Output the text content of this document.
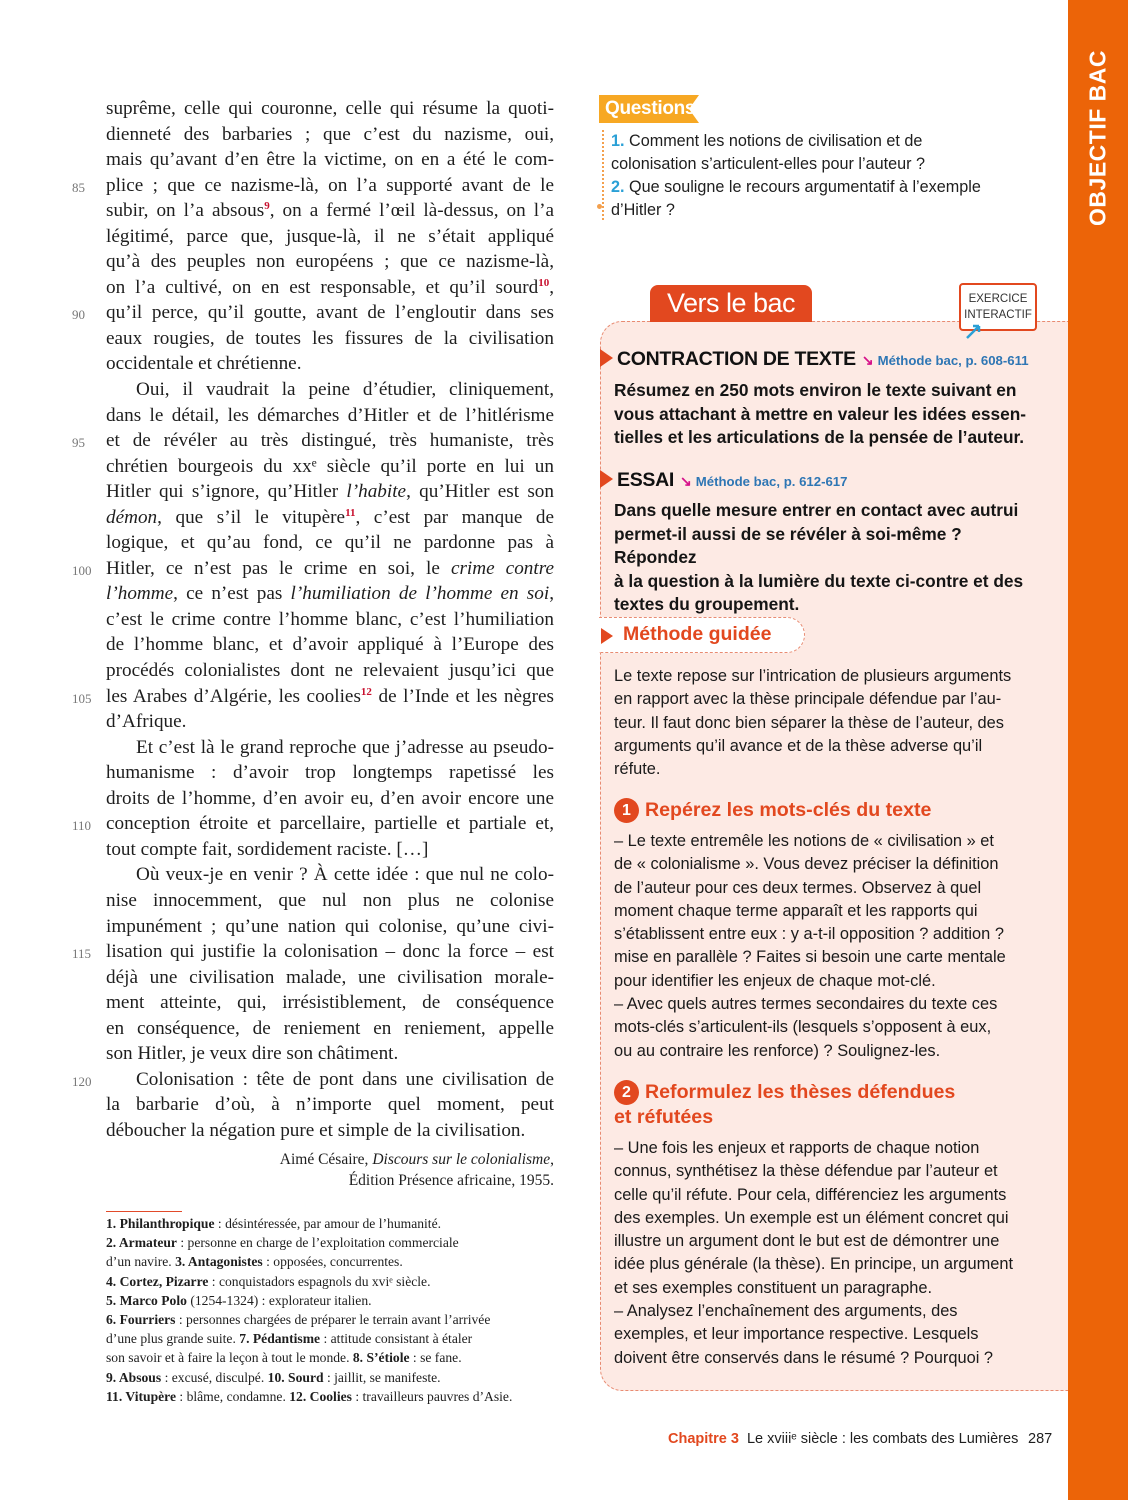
OBJECTIF BAC
suprême, celle qui couronne, celle qui résume la quoti-
dienneté des barbaries ; que c’est du nazisme, oui,
mais qu’avant d’en être la victime, on en a été le com-
85	plice ; que ce nazisme-là, on l’a supporté avant de le
subir, on l’a absous$^9$, on a fermé l’œil là-dessus, on l’a
légitimé, parce que, jusque-là, il ne s’était appliqué
qu’à des peuples non européens ; que ce nazisme-là,
on l’a cultivé, on en est responsable, et qu’il sourd$^{10}$,
90	qu’il perce, qu’il goutte, avant de l’engloutir dans ses
eaux rougies, de toutes les fissures de la civilisation
occidentale et chrétienne.
Oui, il vaudrait la peine d’étudier, cliniquement,
dans le détail, les démarches d’Hitler et de l’hitlérisme
95	et de révéler au très distingué, très humaniste, très
chrétien bourgeois du xxᵉ siècle qu’il porte en lui un
Hitler qui s’ignore, qu’Hitler l’habite, qu’Hitler est son
démon, que s’il le vitupère$^{11}$, c’est par manque de
logique, et qu’au fond, ce qu’il ne pardonne pas à
100 Hitler, ce n’est pas le crime en soi, le crime contre
l’homme, ce n’est pas l’humiliation de l’homme en soi,
c’est le crime contre l’homme blanc, c’est l’humiliation
de l’homme blanc, et d’avoir appliqué à l’Europe des
procédés colonialistes dont ne relevaient jusqu’ici que
105 les Arabes d’Algérie, les coolies$^{12}$ de l’Inde et les nègres
d’Afrique.
Et c’est là le grand reproche que j’adresse au pseudo-
humanisme : d’avoir trop longtemps rapetissé les
droits de l’homme, d’en avoir eu, d’en avoir encore une
110 conception étroite et parcellaire, partielle et partiale et,
tout compte fait, sordidement raciste. […]
Où veux-je en venir ? À cette idée : que nul ne colo-
nise innocemment, que nul non plus ne colonise
impunément ; qu’une nation qui colonise, qu’une civi-
115 lisation qui justifie la colonisation – donc la force – est
déjà une civilisation malade, une civilisation morale-
ment atteinte, qui, irrésistiblement, de conséquence
en conséquence, de reniement en reniement, appelle
son Hitler, je veux dire son châtiment.
120	Colonisation : tête de pont dans une civilisation de
la barbarie d’où, à n’importe quel moment, peut
déboucher la négation pure et simple de la civilisation.
Aimé Césaire, Discours sur le colonialisme,
Édition Présence africaine, 1955.
1. Philanthropique : désintéressée, par amour de l’humanité.
2. Armateur : personne en charge de l’exploitation commerciale
d’un navire. 3. Antagonistes : opposées, concurrentes.
4. Cortez, Pizarre : conquistadors espagnols du xviᵉ siècle.
5. Marco Polo (1254-1324) : explorateur italien.
6. Fourriers : personnes chargées de préparer le terrain avant l’arrivée
d’une plus grande suite. 7. Pédantisme : attitude consistant à étaler
son savoir et à faire la leçon à tout le monde. 8. S’étiole : se fane.
9. Absous : excusé, disculpé. 10. Sourd : jaillit, se manifeste.
11. Vitupère : blâme, condamne. 12. Coolies : travailleurs pauvres d’Asie.
Questions
1. Comment les notions de civilisation et de
colonisation s’articulent-elles pour l’auteur ?
2. Que souligne le recours argumentatif à l’exemple
d’Hitler ?
Vers le bac	EXERCICE
INTERACTIF
CONTRACTION DE TEXTE ↘ Méthode bac, p. 608-611
Résumez en 250 mots environ le texte suivant en
vous attachant à mettre en valeur les idées essen-
tielles et les articulations de la pensée de l’auteur.
ESSAI ↘ Méthode bac, p. 612-617
Dans quelle mesure entrer en contact avec autrui
permet-il aussi de se révéler à soi-même ? Répondez
à la question à la lumière du texte ci-contre et des
textes du groupement.
Méthode guidée
Le texte repose sur l’intrication de plusieurs arguments
en rapport avec la thèse principale défendue par l’au-
teur. Il faut donc bien séparer la thèse de l’auteur, des
arguments qu’il avance et de la thèse adverse qu’il
réfute.
1 Repérez les mots-clés du texte
– Le texte entremêle les notions de « civilisation » et
de « colonialisme ». Vous devez préciser la définition
de l’auteur pour ces deux termes. Observez à quel
moment chaque terme apparaît et les rapports qui
s’établissent entre eux : y a-t-il opposition ? addition ?
mise en parallèle ? Faites si besoin une carte mentale
pour identifier les enjeux de chaque mot-clé.
– Avec quels autres termes secondaires du texte ces
mots-clés s’articulent-ils (lesquels s’opposent à eux,
ou au contraire les renforce) ? Soulignez-les.
2 Reformulez les thèses défendues
et réfutées
– Une fois les enjeux et rapports de chaque notion
connus, synthétisez la thèse défendue par l’auteur et
celle qu’il réfute. Pour cela, différenciez les arguments
des exemples. Un exemple est un élément concret qui
illustre un argument dont le but est de démontrer une
idée plus générale (la thèse). En principe, un argument
et ses exemples constituent un paragraphe.
– Analysez l’enchaînement des arguments, des
exemples, et leur importance respective. Lesquels
doivent être conservés dans le résumé ? Pourquoi ?
Chapitre 3 Le xviiiᵉ siècle : les combats des Lumières 287
